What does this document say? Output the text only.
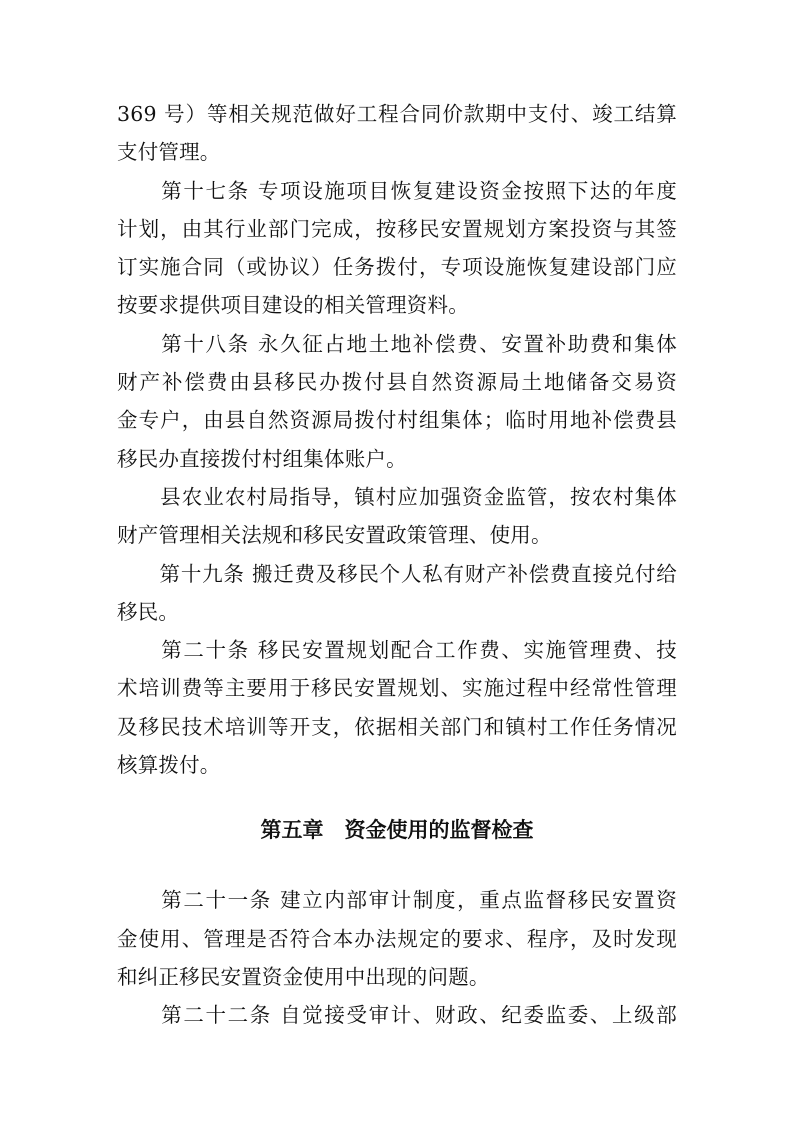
369 号）等相关规范做好工程合同价款期中支付、竣工结算
支付管理。
　　第十七条 专项设施项目恢复建设资金按照下达的年度
计划，由其行业部门完成，按移民安置规划方案投资与其签
订实施合同（或协议）任务拨付，专项设施恢复建设部门应
按要求提供项目建设的相关管理资料。
　　第十八条 永久征占地土地补偿费、安置补助费和集体
财产补偿费由县移民办拨付县自然资源局土地储备交易资
金专户，由县自然资源局拨付村组集体；临时用地补偿费县
移民办直接拨付村组集体账户。
　　县农业农村局指导，镇村应加强资金监管，按农村集体
财产管理相关法规和移民安置政策管理、使用。
　　第十九条 搬迁费及移民个人私有财产补偿费直接兑付给
移民。
　　第二十条 移民安置规划配合工作费、实施管理费、技
术培训费等主要用于移民安置规划、实施过程中经常性管理
及移民技术培训等开支，依据相关部门和镇村工作任务情况
核算拨付。
第五章　资金使用的监督检查
　　第二十一条 建立内部审计制度，重点监督移民安置资
金使用、管理是否符合本办法规定的要求、程序，及时发现
和纠正移民安置资金使用中出现的问题。
　　第二十二条 自觉接受审计、财政、纪委监委、上级部
